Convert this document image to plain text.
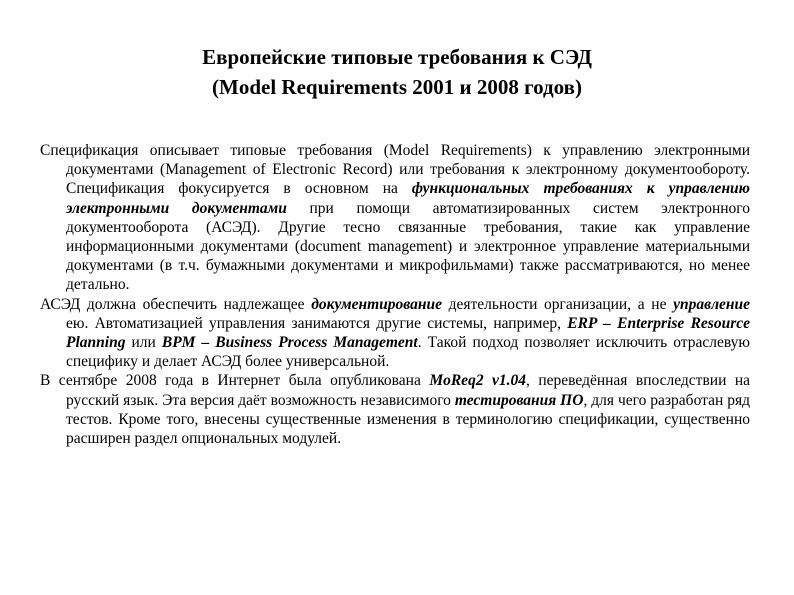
Европейские типовые требования к СЭД
(Model Requirements 2001 и 2008 годов)

Спецификация описывает типовые требования (Model Requirements) к управлению электронными документами (Management of Electronic Record) или требования к электронному документообороту. Спецификация фокусируется в основном на функциональных требованиях к управлению электронными документами при помощи автоматизированных систем электронного документооборота (АСЭД). Другие тесно связанные требования, такие как управление информационными документами (document management) и электронное управление материальными документами (в т.ч. бумажными документами и микрофильмами) также рассматриваются, но менее детально.

АСЭД должна обеспечить надлежащее документирование деятельности организации, а не управление ею. Автоматизацией управления занимаются другие системы, например, ERP – Enterprise Resource Planning или BPM – Business Process Management. Такой подход позволяет исключить отраслевую специфику и делает АСЭД более универсальной.

В сентябре 2008 года в Интернет была опубликована MoReq2 v1.04, переведённая впоследствии на русский язык. Эта версия даёт возможность независимого тестирования ПО, для чего разработан ряд тестов. Кроме того, внесены существенные изменения в терминологию спецификации, существенно расширен раздел опциональных модулей.
